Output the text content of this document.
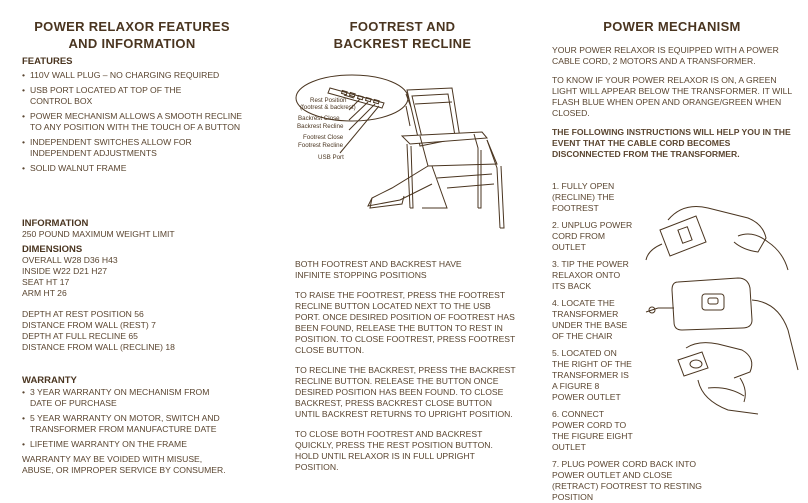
POWER RELAXOR FEATURES
AND INFORMATION

FEATURES

• 110V WALL PLUG – NO CHARGING REQUIRED
• USB PORT LOCATED AT TOP OF THE CONTROL BOX
• POWER MECHANISM ALLOWS A SMOOTH RECLINE TO ANY POSITION WITH THE TOUCH OF A BUTTON
• INDEPENDENT SWITCHES ALLOW FOR INDEPENDENT ADJUSTMENTS
• SOLID WALNUT FRAME

INFORMATION

250 POUND MAXIMUM WEIGHT LIMIT

DIMENSIONS

OVERALL W28 D36 H43

INSIDE W22 D21 H27

SEAT HT 17

ARM HT 26

DEPTH AT REST POSITION 56

DISTANCE FROM WALL (REST) 7

DEPTH AT FULL RECLINE 65

DISTANCE FROM WALL (RECLINE) 18

WARRANTY

• 3 YEAR WARRANTY ON MECHANISM FROM DATE OF PURCHASE
• 5 YEAR WARRANTY ON MOTOR, SWITCH AND TRANSFORMER FROM MANUFACTURE DATE
• LIFETIME WARRANTY ON THE FRAME

WARRANTY MAY BE VOIDED WITH MISUSE, ABUSE, OR IMPROPER SERVICE BY CONSUMER.

FOOTREST AND
BACKREST RECLINE
Rest Position
(footrest & backrest)
Backrest Close
Backrest Recline
Footrest Close
Footrest Recline
USB Port

BOTH FOOTREST AND BACKREST HAVE INFINITE STOPPING POSITIONS

TO RAISE THE FOOTREST, PRESS THE FOOTREST RECLINE BUTTON LOCATED NEXT TO THE USB PORT. ONCE DESIRED POSITION OF FOOTREST HAS BEEN FOUND, RELEASE THE BUTTON TO REST IN POSITION. TO CLOSE FOOTREST, PRESS FOOTREST CLOSE BUTTON.

TO RECLINE THE BACKREST, PRESS THE BACKREST RECLINE BUTTON. RELEASE THE BUTTON ONCE DESIRED POSITION HAS BEEN FOUND. TO CLOSE BACKREST, PRESS BACKREST CLOSE BUTTON UNTIL BACKREST RETURNS TO UPRIGHT POSITION.

TO CLOSE BOTH FOOTREST AND BACKREST QUICKLY, PRESS THE REST POSITION BUTTON. HOLD UNTIL RELAXOR IS IN FULL UPRIGHT POSITION.

POWER MECHANISM

YOUR POWER RELAXOR IS EQUIPPED WITH A POWER CABLE CORD, 2 MOTORS AND A TRANSFORMER.

TO KNOW IF YOUR POWER RELAXOR IS ON, A GREEN LIGHT WILL APPEAR BELOW THE TRANSFORMER. IT WILL FLASH BLUE WHEN OPEN AND ORANGE/GREEN WHEN CLOSED.

THE FOLLOWING INSTRUCTIONS WILL HELP YOU IN THE EVENT THAT THE CABLE CORD BECOMES DISCONNECTED FROM THE TRANSFORMER.

1. FULLY OPEN (RECLINE) THE FOOTREST

2. UNPLUG POWER CORD FROM OUTLET

3. TIP THE POWER RELAXOR ONTO ITS BACK

4. LOCATE THE TRANSFORMER UNDER THE BASE OF THE CHAIR

5. LOCATED ON THE RIGHT OF THE TRANSFORMER IS A FIGURE 8 POWER OUTLET

6. CONNECT POWER CORD TO THE FIGURE EIGHT OUTLET

7. PLUG POWER CORD BACK INTO POWER OUTLET AND CLOSE (RETRACT) FOOTREST TO RESTING POSITION
